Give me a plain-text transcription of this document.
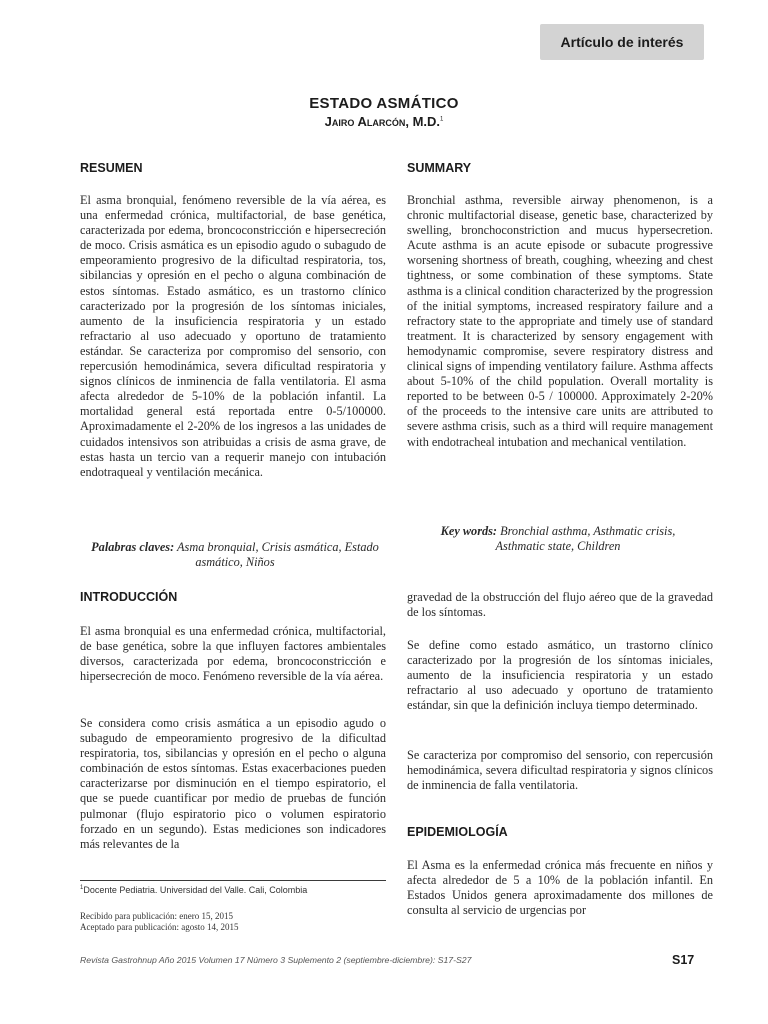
Artículo de interés
ESTADO ASMÁTICO
Jairo Alarcón, M.D.$^1$

RESUMEN

El asma bronquial, fenómeno reversible de la vía aérea, es una enfermedad crónica, multifactorial, de base genética, caracterizada por edema, broncoconstricción e hipersecreción de moco. Crisis asmática es un episodio agudo o subagudo de empeoramiento progresivo de la dificultad respiratoria, tos, sibilancias y opresión en el pecho o alguna combinación de estos síntomas. Estado asmático, es un trastorno clínico caracterizado por la progresión de los síntomas iniciales, aumento de la insuficiencia respiratoria y un estado refractario al uso adecuado y oportuno de tratamiento estándar. Se caracteriza por compromiso del sensorio, con repercusión hemodinámica, severa dificultad respiratoria y signos clínicos de inminencia de falla ventilatoria. El asma afecta alrededor de 5-10% de la población infantil. La mortalidad general está reportada entre 0-5/100000. Aproximadamente el 2-20% de los ingresos a las unidades de cuidados intensivos son atribuidas a crisis de asma grave, de estas hasta un tercio van a requerir manejo con intubación endotraqueal y ventilación mecánica.

Palabras claves: Asma bronquial, Crisis asmática, Estado asmático, Niños

SUMMARY

Bronchial asthma, reversible airway phenomenon, is a chronic multifactorial disease, genetic base, characterized by swelling, bronchoconstriction and mucus hypersecretion. Acute asthma is an acute episode or subacute progressive worsening shortness of breath, coughing, wheezing and chest tightness, or some combination of these symptoms. State asthma is a clinical condition characterized by the progression of the initial symptoms, increased respiratory failure and a refractory state to the appropriate and timely use of standard treatment. It is characterized by sensory engagement with hemodynamic compromise, severe respiratory distress and clinical signs of impending ventilatory failure. Asthma affects about 5-10% of the child population. Overall mortality is reported to be between 0-5 / 100000. Approximately 2-20% of the proceeds to the intensive care units are attributed to severe asthma crisis, such as a third will require management with endotracheal intubation and mechanical ventilation.

Key words: Bronchial asthma, Asthmatic crisis, Asthmatic state, Children

INTRODUCCIÓN

El asma bronquial es una enfermedad crónica, multifactorial, de base genética, sobre la que influyen factores ambientales diversos, caracterizada por edema, broncoconstricción e hipersecreción de moco. Fenómeno reversible de la vía aérea.

Se considera como crisis asmática a un episodio agudo o subagudo de empeoramiento progresivo de la dificultad respiratoria, tos, sibilancias y opresión en el pecho o alguna combinación de estos síntomas. Estas exacerbaciones pueden caracterizarse por disminución en el tiempo espiratorio, el que se puede cuantificar por medio de pruebas de función pulmonar (flujo espiratorio pico o volumen espiratorio forzado en un segundo). Estas mediciones son indicadores más relevantes de la

gravedad de la obstrucción del flujo aéreo que de la gravedad de los síntomas.

Se define como estado asmático, un trastorno clínico caracterizado por la progresión de los síntomas iniciales, aumento de la insuficiencia respiratoria y un estado refractario al uso adecuado y oportuno de tratamiento estándar, sin que la definición incluya tiempo determinado.

Se caracteriza por compromiso del sensorio, con repercusión hemodinámica, severa dificultad respiratoria y signos clínicos de inminencia de falla ventilatoria.

EPIDEMIOLOGÍA

El Asma es la enfermedad crónica más frecuente en niños y afecta alrededor de 5 a 10% de la población infantil. En Estados Unidos genera aproximadamente dos millones de consulta al servicio de urgencias por

$^1$Docente Pediatria. Universidad del Valle. Cali, Colombia
Recibido para publicación: enero 15, 2015
Aceptado para publicación: agosto 14, 2015
Revista Gastrohnup Año 2015 Volumen 17 Número 3 Suplemento 2 (septiembre-diciembre): S17-S27	S17
